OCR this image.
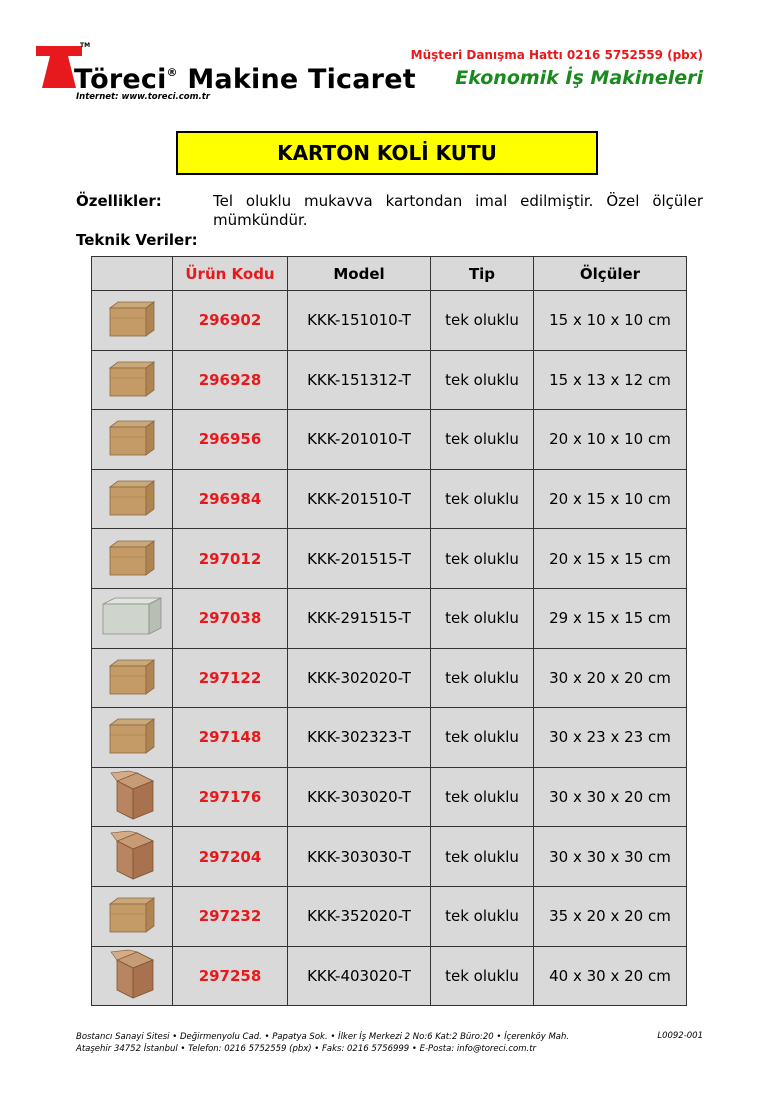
TM
Töreci® Makine Ticaret
Internet: www.toreci.com.tr
Müşteri Danışma Hattı 0216 5752559 (pbx)
Ekonomik İş Makineleri
KARTON KOLİ KUTU
Özellikler:	Tel oluklu mukavva kartondan imal edilmiştir. Özel ölçüler mümkündür.
Teknik Veriler:
	Ürün Kodu	Model	Tip	Ölçüler
	296902	KKK-151010-T	tek oluklu	15 x 10 x 10 cm
	296928	KKK-151312-T	tek oluklu	15 x 13 x 12 cm
	296956	KKK-201010-T	tek oluklu	20 x 10 x 10 cm
	296984	KKK-201510-T	tek oluklu	20 x 15 x 10 cm
	297012	KKK-201515-T	tek oluklu	20 x 15 x 15 cm
	297038	KKK-291515-T	tek oluklu	29 x 15 x 15 cm
	297122	KKK-302020-T	tek oluklu	30 x 20 x 20 cm
	297148	KKK-302323-T	tek oluklu	30 x 23 x 23 cm
	297176	KKK-303020-T	tek oluklu	30 x 30 x 20 cm
	297204	KKK-303030-T	tek oluklu	30 x 30 x 30 cm
	297232	KKK-352020-T	tek oluklu	35 x 20 x 20 cm
	297258	KKK-403020-T	tek oluklu	40 x 30 x 20 cm
Bostancı Sanayi Sitesi • Değirmenyolu Cad. • Papatya Sok. • İlker İş Merkezi 2 No:6 Kat:2 Büro:20 • İçerenköy Mah.
Ataşehir 34752 İstanbul • Telefon: 0216 5752559 (pbx) • Faks: 0216 5756999 • E-Posta: info@toreci.com.tr
L0092-001
